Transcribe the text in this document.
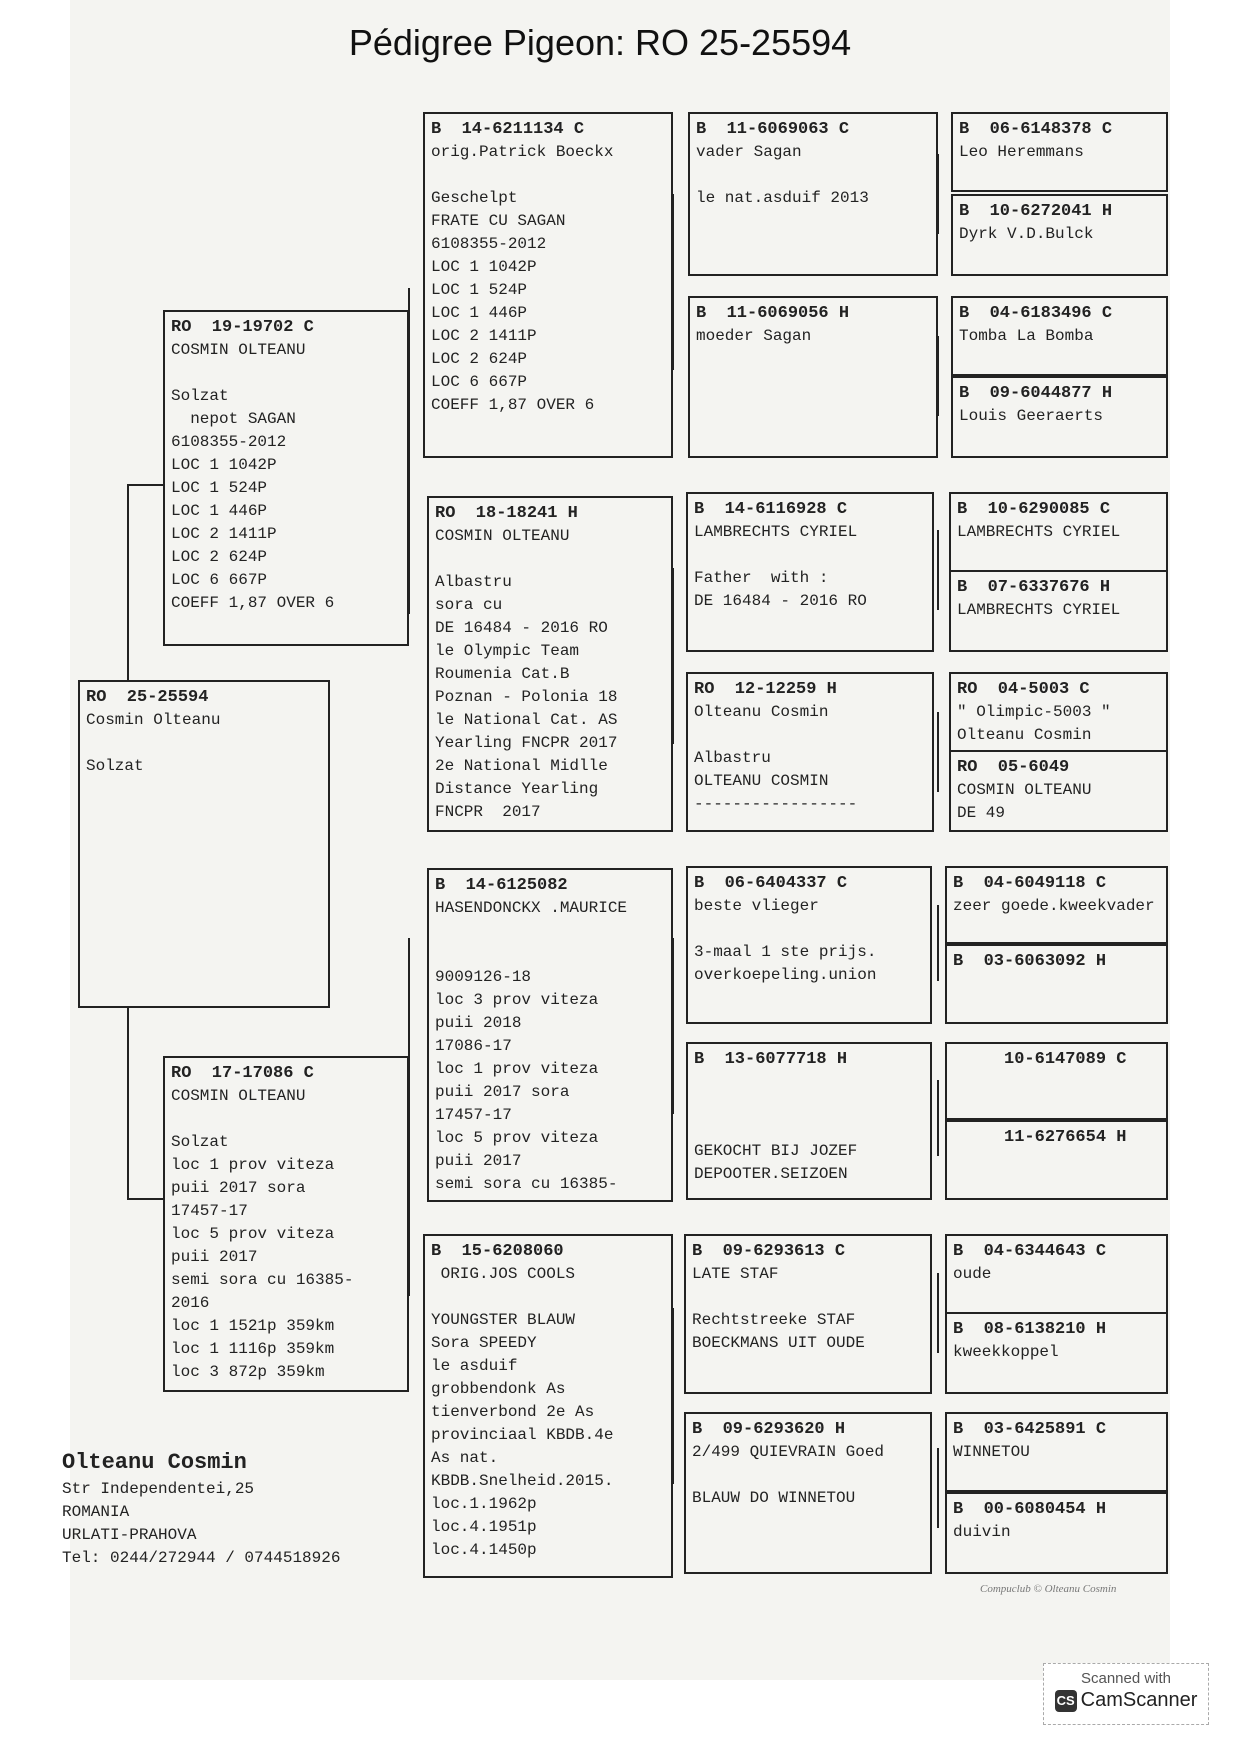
Pédigree Pigeon: RO 25-25594
RO  25-25594
Cosmin Olteanu
Solzat
RO  19-19702 C
COSMIN OLTEANU
Solzat
nepot SAGAN
6108355-2012
LOC 1 1042P
LOC 1 524P
LOC 1 446P
LOC 2 1411P
LOC 2 624P
LOC 6 667P
COEFF 1,87 OVER 6
RO  17-17086 C
COSMIN OLTEANU
Solzat
loc 1 prov viteza
puii 2017 sora
17457-17
loc 5 prov viteza
puii 2017
semi sora cu 16385-
2016
loc 1 1521p 359km
loc 1 1116p 359km
loc 3 872p 359km
B  14-6211134 C
orig.Patrick Boeckx
Geschelpt
FRATE CU SAGAN
6108355-2012
LOC 1 1042P
LOC 1 524P
LOC 1 446P
LOC 2 1411P
LOC 2 624P
LOC 6 667P
COEFF 1,87 OVER 6
RO  18-18241 H
COSMIN OLTEANU
Albastru
sora cu
DE 16484 - 2016 RO
le Olympic Team
Roumenia Cat.B
Poznan - Polonia 18
le National Cat. AS
Yearling FNCPR 2017
2e National Midlle
Distance Yearling
FNCPR  2017
B  14-6125082
HASENDONCKX .MAURICE
9009126-18
loc 3 prov viteza
puii 2018
17086-17
loc 1 prov viteza
puii 2017 sora
17457-17
loc 5 prov viteza
puii 2017
semi sora cu 16385-
B  15-6208060
ORIG.JOS COOLS
YOUNGSTER BLAUW
Sora SPEEDY
le asduif
grobbendonk As
tienverbond 2e As
provinciaal KBDB.4e
As nat.
KBDB.Snelheid.2015.
loc.1.1962p
loc.4.1951p
loc.4.1450p
B  11-6069063 C
vader Sagan
le nat.asduif 2013
B  11-6069056 H
moeder Sagan
B  14-6116928 C
LAMBRECHTS CYRIEL
Father  with :
DE 16484 - 2016 RO
RO  12-12259 H
Olteanu Cosmin
Albastru
OLTEANU COSMIN
-----------------
B  06-6404337 C
beste vlieger
3-maal 1 ste prijs.
overkoepeling.union
B  13-6077718 H
GEKOCHT BIJ JOZEF
DEPOOTER.SEIZOEN
B  09-6293613 C
LATE STAF
Rechtstreeke STAF
BOECKMANS UIT OUDE
B  09-6293620 H
2/499 QUIEVRAIN Goed
BLAUW DO WINNETOU
B  06-6148378 C
Leo Heremmans
B  10-6272041 H
Dyrk V.D.Bulck
B  04-6183496 C
Tomba La Bomba
B  09-6044877 H
Louis Geeraerts
B  10-6290085 C
LAMBRECHTS CYRIEL
B  07-6337676 H
LAMBRECHTS CYRIEL
RO  04-5003 C
" Olimpic-5003 "
Olteanu Cosmin
RO  05-6049
COSMIN OLTEANU
DE 49
B  04-6049118 C
zeer goede.kweekvader
B  03-6063092 H
10-6147089 C
11-6276654 H
B  04-6344643 C
oude
B  08-6138210 H
kweekkoppel
B  03-6425891 C
WINNETOU
B  00-6080454 H
duivin
Olteanu Cosmin
Str Independentei,25
ROMANIA
URLATI-PRAHOVA
Tel: 0244/272944 / 0744518926
Compuclub © Olteanu Cosmin
Scanned with
CS CamScanner
